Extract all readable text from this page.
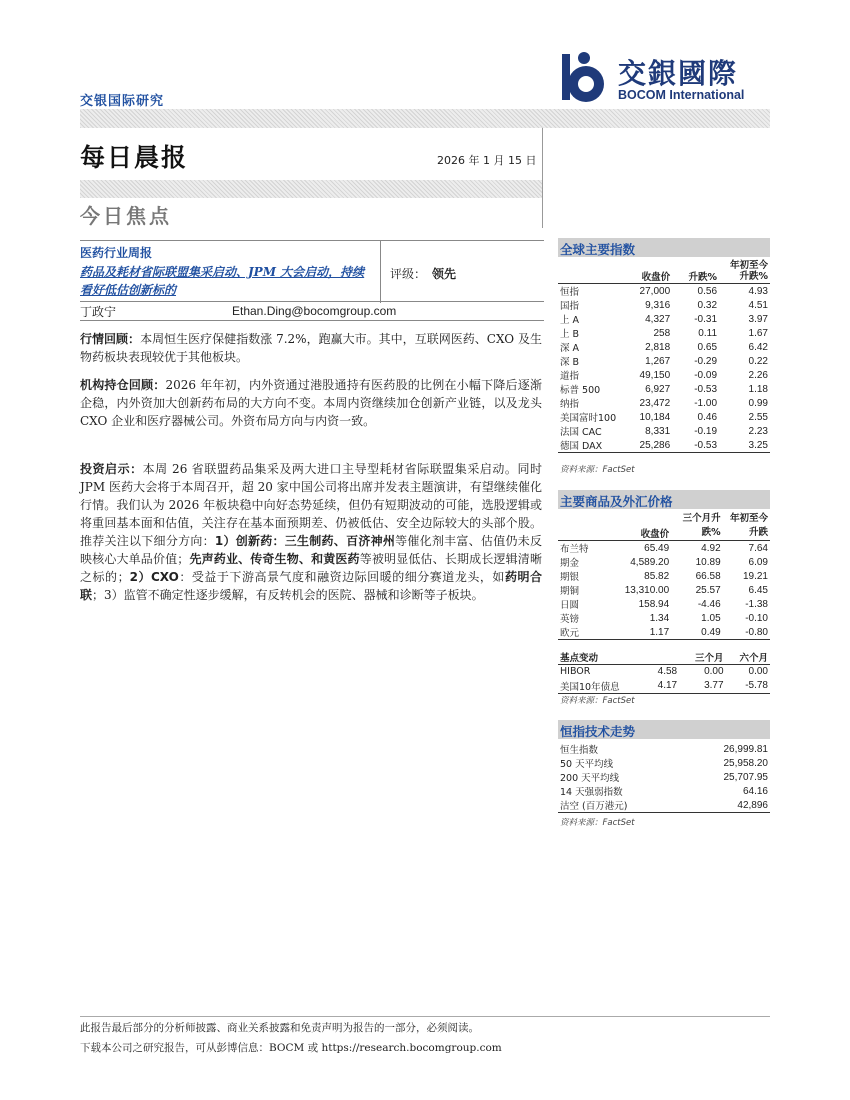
交银国际研究
交銀國際
BOCOM International
每日晨报	2026 年 1 月 15 日
今日焦点
医药行业周报
药品及耗材省际联盟集采启动、JPM 大会启动，持续看好低估创新标的
评级： 领先
丁政宁	Ethan.Ding@bocomgroup.com
行情回顾：本周恒生医疗保健指数涨 7.2%，跑赢大市。其中，互联网医药、CXO 及生物药板块表现较优于其他板块。
机构持仓回顾：2026 年年初，内外资通过港股通持有医药股的比例在小幅下降后逐渐企稳，内外资加大创新药布局的大方向不变。本周内资继续加仓创新产业链，以及龙头 CXO 企业和医疗器械公司。外资布局方向与内资一致。
投资启示：本周 26 省联盟药品集采及两大进口主导型耗材省际联盟集采启动。同时 JPM 医药大会将于本周召开，超 20 家中国公司将出席并发表主题演讲，有望继续催化行情。我们认为 2026 年板块稳中向好态势延续，但仍有短期波动的可能，选股逻辑或将重回基本面和估值，关注存在基本面预期差、仍被低估、安全边际较大的头部个股。推荐关注以下细分方向：1）创新药：三生制药、百济神州等催化剂丰富、估值仍未反映核心大单品价值；先声药业、传奇生物、和黄医药等被明显低估、长期成长逻辑清晰之标的；2）CXO：受益于下游高景气度和融资边际回暖的细分赛道龙头，如药明合联；3）监管不确定性逐步缓解，有反转机会的医院、器械和诊断等子板块。
全球主要指数
	收盘价	升跌%	年初至今升跌%
恒指	27,000	0.56	4.93
国指	9,316	0.32	4.51
上 A	4,327	-0.31	3.97
上 B	258	0.11	1.67
深 A	2,818	0.65	6.42
深 B	1,267	-0.29	0.22
道指	49,150	-0.09	2.26
标普 500	6,927	-0.53	1.18
纳指	23,472	-1.00	0.99
美国富时100	10,184	0.46	2.55
法国 CAC	8,331	-0.19	2.23
德国 DAX	25,286	-0.53	3.25
资料来源：FactSet
主要商品及外汇价格
	收盘价	三个月升跌%	年初至今升跌
布兰特	65.49	4.92	7.64
期金	4,589.20	10.89	6.09
期银	85.82	66.58	19.21
期铜	13,310.00	25.57	6.45
日圆	158.94	-4.46	-1.38
英镑	1.34	1.05	-0.10
欧元	1.17	0.49	-0.80
基点变动		三个月	六个月
HIBOR	4.58	0.00	0.00
美国10年债息	4.17	3.77	-5.78
资料来源：FactSet
恒指技术走势
恒生指数	26,999.81
50 天平均线	25,958.20
200 天平均线	25,707.95
14 天强弱指数	64.16
沽空 (百万港元)	42,896
资料来源：FactSet
此报告最后部分的分析师披露、商业关系披露和免责声明为报告的一部分，必须阅读。
下载本公司之研究报告，可从彭博信息：BOCM 或 https://research.bocomgroup.com
